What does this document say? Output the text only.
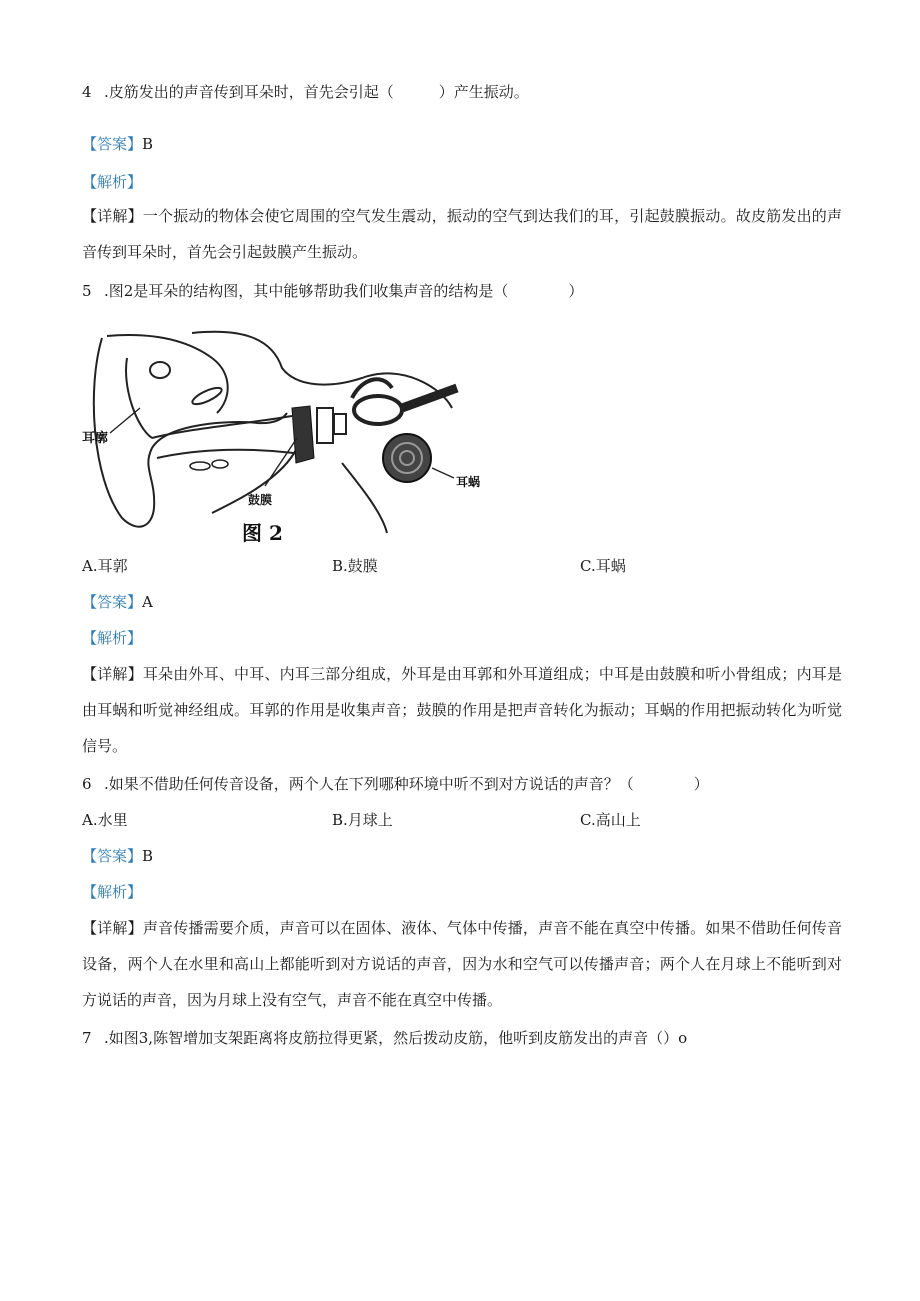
4 .皮筋发出的声音传到耳朵时，首先会引起（　　　）产生振动。
【答案】B
【解析】
【详解】一个振动的物体会使它周围的空气发生震动，振动的空气到达我们的耳，引起鼓膜振动。故皮筋发出的声音传到耳朵时，首先会引起鼓膜产生振动。
5 .图2是耳朵的结构图，其中能够帮助我们收集声音的结构是（　　　　）
耳廓
鼓膜
耳蜗
图 2
A.耳郭	B.鼓膜	C.耳蜗
【答案】A
【解析】
【详解】耳朵由外耳、中耳、内耳三部分组成，外耳是由耳郭和外耳道组成；中耳是由鼓膜和听小骨组成；内耳是由耳蜗和听觉神经组成。耳郭的作用是收集声音；鼓膜的作用是把声音转化为振动；耳蜗的作用把振动转化为听觉信号。
6 .如果不借助任何传音设备，两个人在下列哪种环境中听不到对方说话的声音？（　　　　）
A.水里	B.月球上	C.高山上
【答案】B
【解析】
【详解】声音传播需要介质，声音可以在固体、液体、气体中传播，声音不能在真空中传播。如果不借助任何传音设备，两个人在水里和高山上都能听到对方说话的声音，因为水和空气可以传播声音；两个人在月球上不能听到对方说话的声音，因为月球上没有空气，声音不能在真空中传播。
7 .如图3,陈智增加支架距离将皮筋拉得更紧，然后拨动皮筋，他听到皮筋发出的声音（）o
